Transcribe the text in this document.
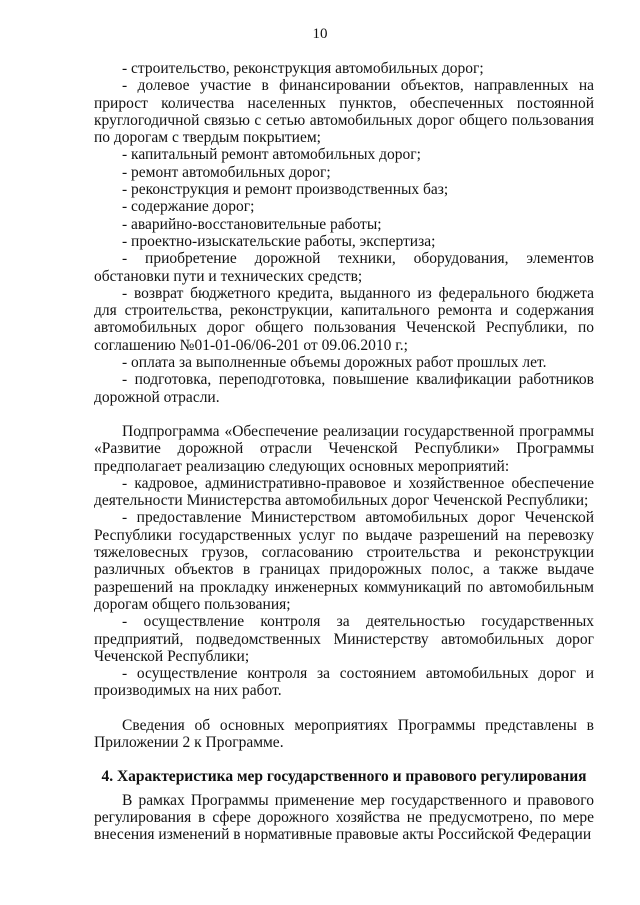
10

- строительство, реконструкция автомобильных дорог;

- долевое участие в финансировании объектов, направленных на прирост количества населенных пунктов, обеспеченных постоянной круглогодичной связью с сетью автомобильных дорог общего пользования по дорогам с твердым покрытием;

- капитальный ремонт автомобильных дорог;

- ремонт автомобильных дорог;

- реконструкция и ремонт производственных баз;

- содержание дорог;

- аварийно-восстановительные работы;

- проектно-изыскательские работы, экспертиза;

- приобретение дорожной техники, оборудования, элементов обстановки пути и технических средств;

- возврат бюджетного кредита, выданного из федерального бюджета для строительства, реконструкции, капитального ремонта и содержания автомобильных дорог общего пользования Чеченской Республики, по соглашению №01-01-06/06-201 от 09.06.2010 г.;

- оплата за выполненные объемы дорожных работ прошлых лет.

- подготовка, переподготовка, повышение квалификации работников дорожной отрасли.

Подпрограмма «Обеспечение реализации государственной программы «Развитие дорожной отрасли Чеченской Республики» Программы предполагает реализацию следующих основных мероприятий:

- кадровое, административно-правовое и хозяйственное обеспечение деятельности Министерства автомобильных дорог Чеченской Республики;

- предоставление Министерством автомобильных дорог Чеченской Республики государственных услуг по выдаче разрешений на перевозку тяжеловесных грузов, согласованию строительства и реконструкции различных объектов в границах придорожных полос, а также выдаче разрешений на прокладку инженерных коммуникаций по автомобильным дорогам общего пользования;

- осуществление контроля за деятельностью государственных предприятий, подведомственных Министерству автомобильных дорог Чеченской Республики;

- осуществление контроля за состоянием автомобильных дорог и производимых на них работ.

Сведения об основных мероприятиях Программы представлены в Приложении 2 к Программе.

4. Характеристика мер государственного и правового регулирования

В рамках Программы применение мер государственного и правового регулирования в сфере дорожного хозяйства не предусмотрено, по мере внесения изменений в нормативные правовые акты Российской Федерации
